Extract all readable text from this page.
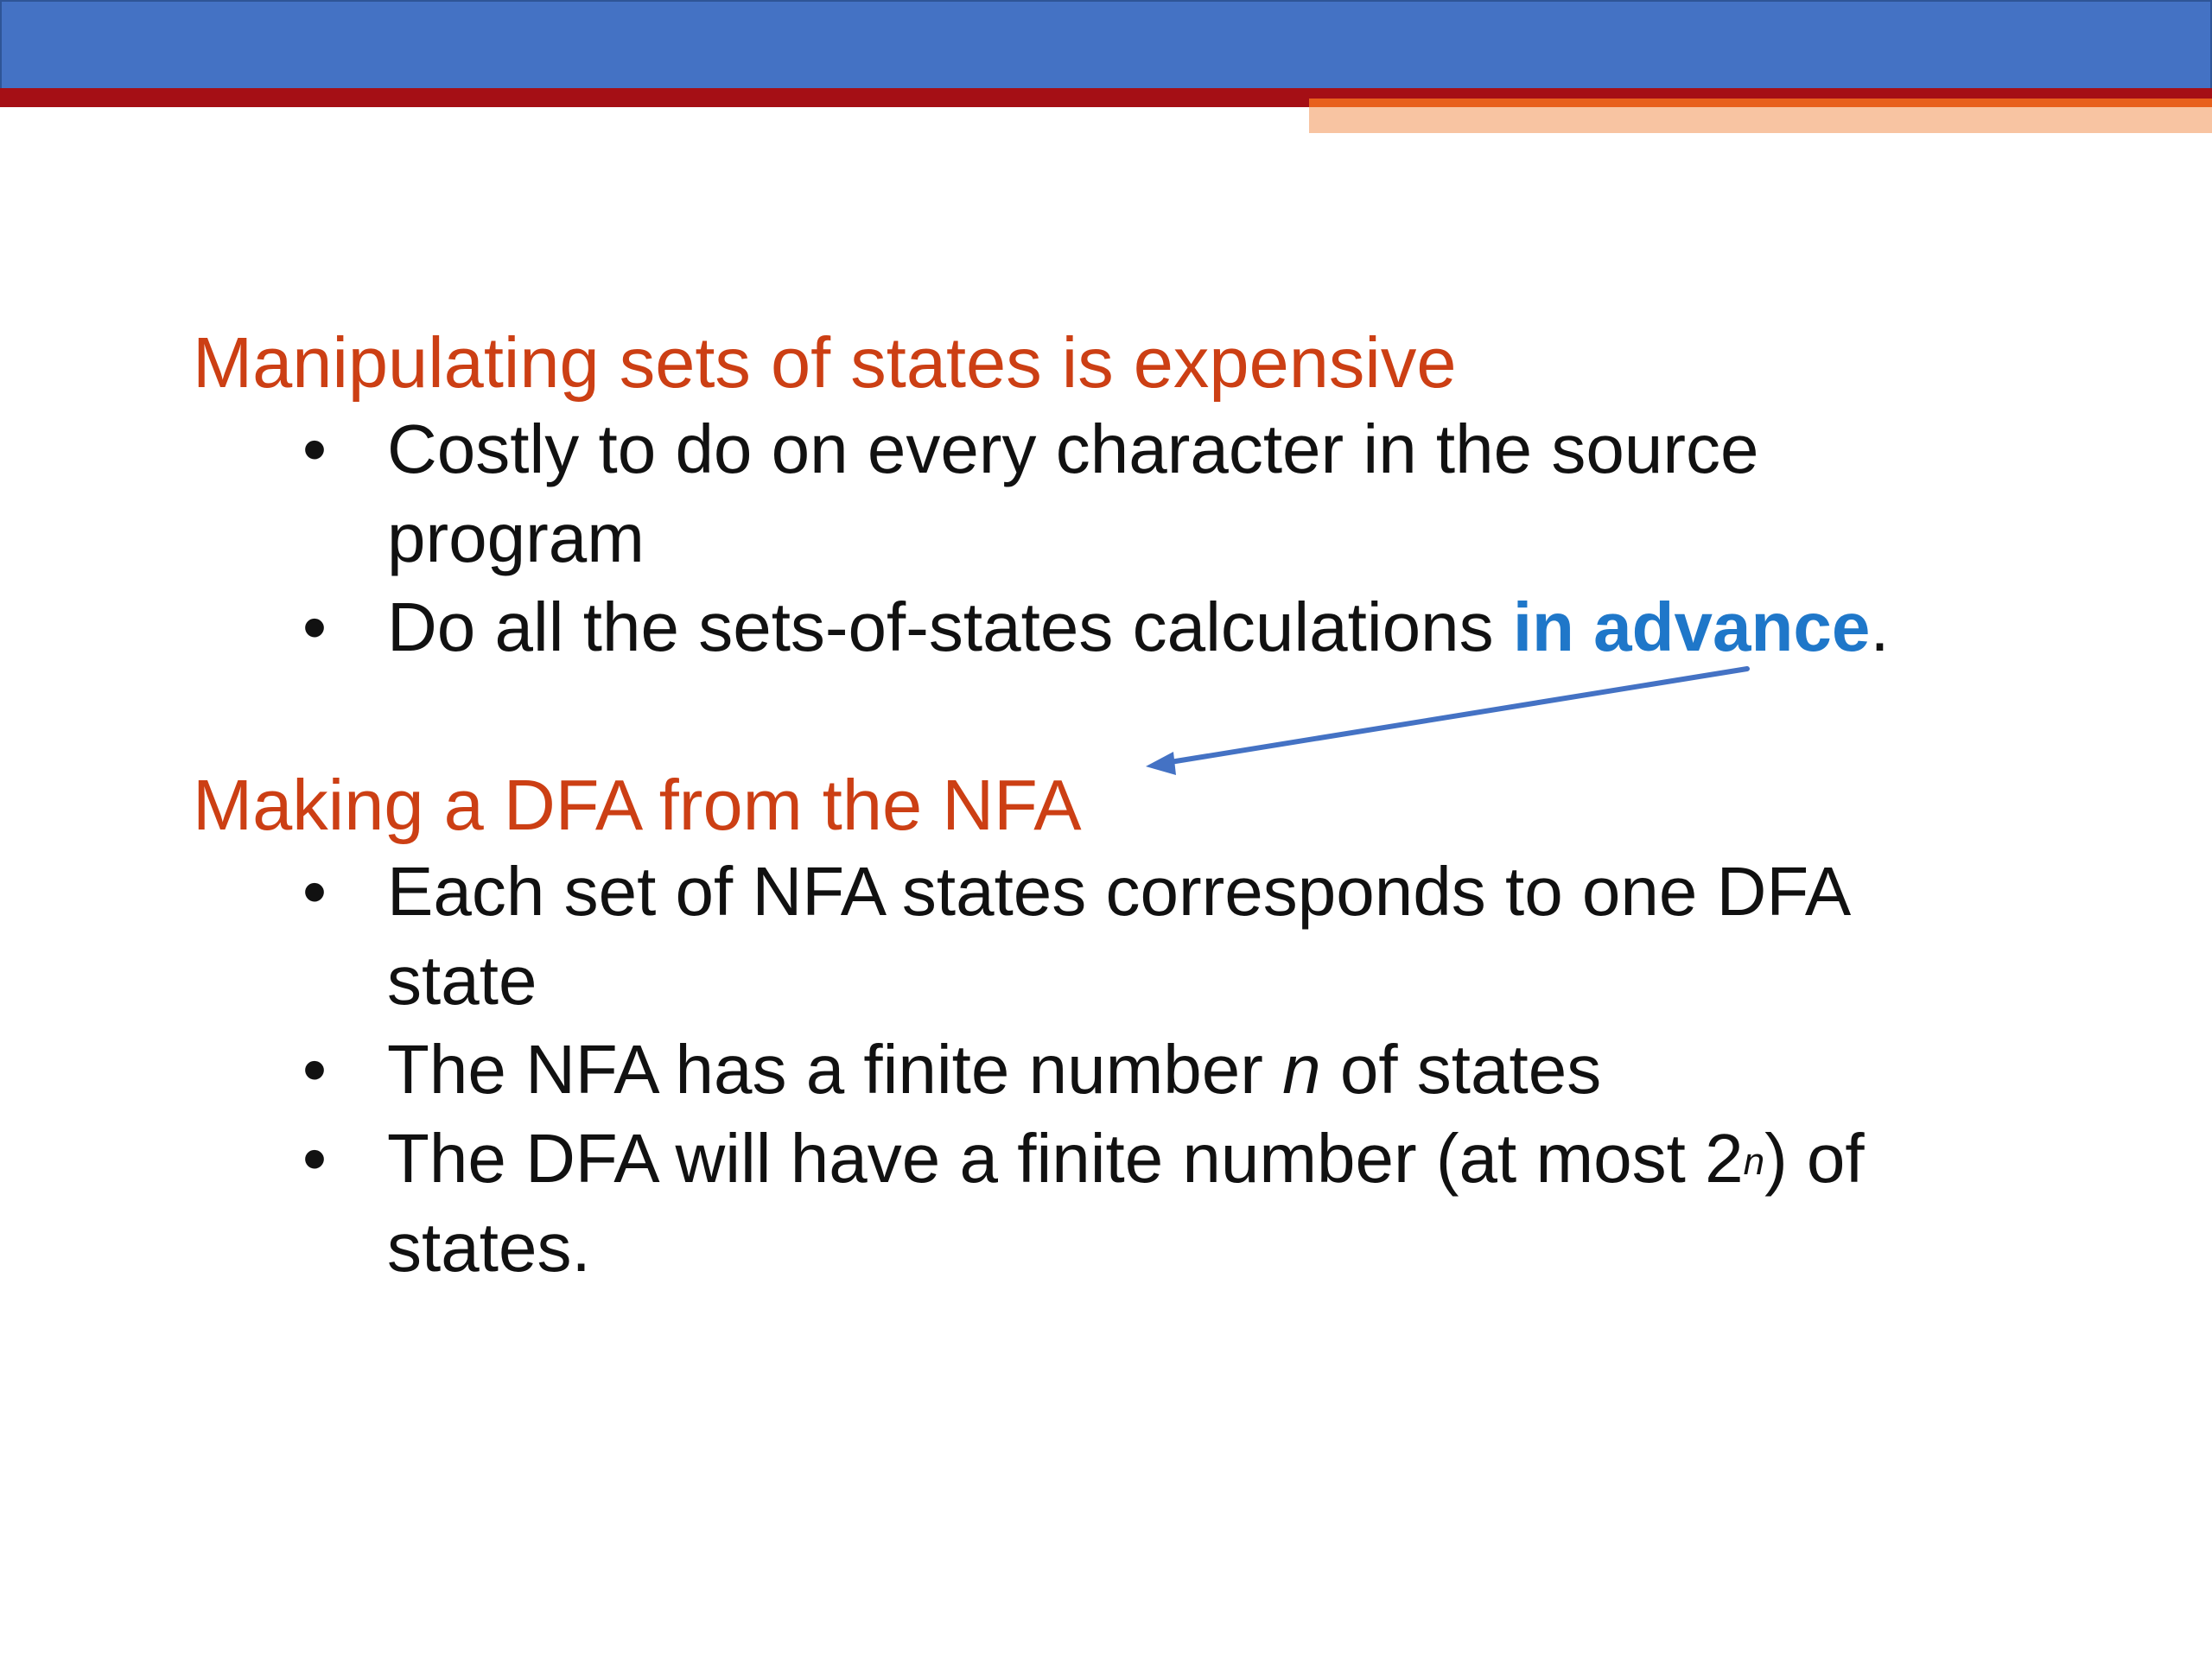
Manipulating sets of states is expensive
• Costly to do on every character in the source
program
• Do all the sets-of-states calculations in advance.
Making a DFA from the NFA
• Each set of NFA states corresponds to one DFA
state
• The NFA has a finite number n of states
• The DFA will have a finite number (at most 2$^n$) of
states.
